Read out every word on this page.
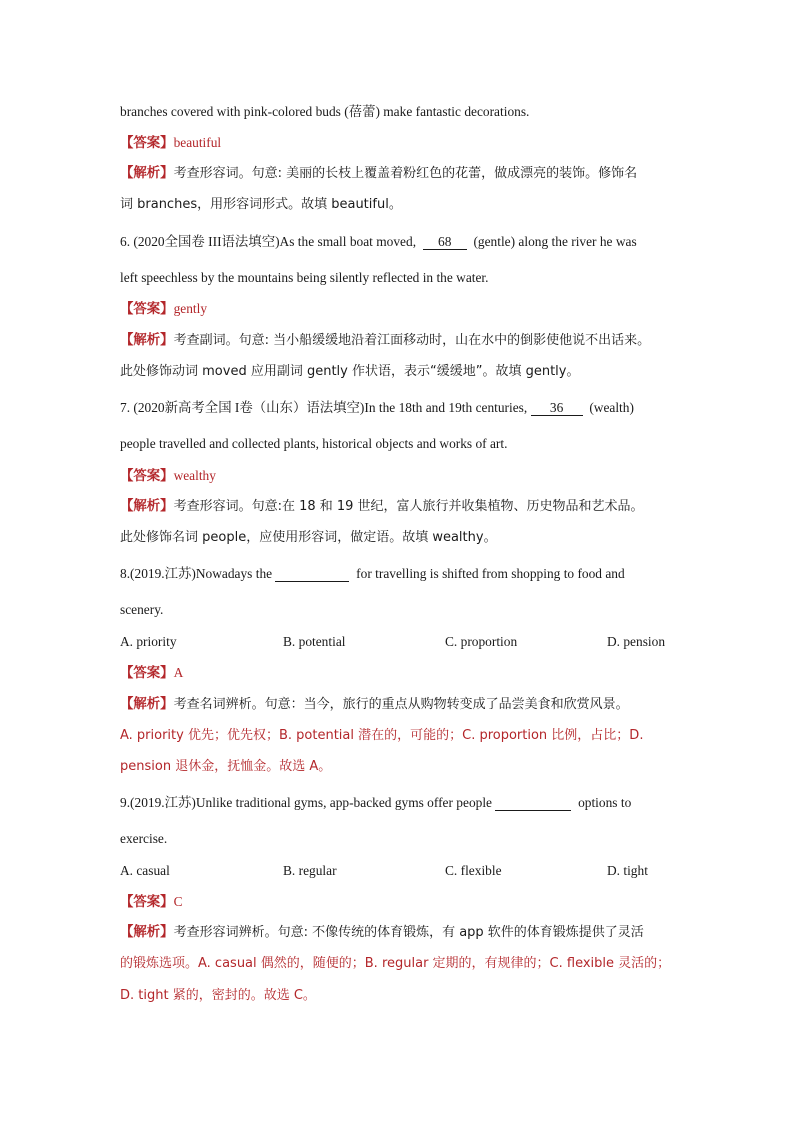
branches covered with pink-colored buds (蓓蕾) make fantastic decorations.
【答案】beautiful
【解析】考查形容词。句意: 美丽的长枝上覆盖着粉红色的花蕾，做成漂亮的装饰。修饰名
词 branches，用形容词形式。故填 beautiful。
6. (2020全国卷 III语法填空)As the small boat moved, 68 (gentle) along the river he was
left speechless by the mountains being silently reflected in the water.
【答案】gently
【解析】考查副词。句意: 当小船缓缓地沿着江面移动时，山在水中的倒影使他说不出话来。
此处修饰动词 moved 应用副词 gently 作状语，表示“缓缓地”。故填 gently。
7. (2020新高考全国 I卷（山东）语法填空)In the 18th and 19th centuries, 36 (wealth)
people travelled and collected plants, historical objects and works of art.
【答案】wealthy
【解析】考查形容词。句意:在 18 和 19 世纪，富人旅行并收集植物、历史物品和艺术品。
此处修饰名词 people，应使用形容词，做定语。故填 wealthy。
8.(2019.江苏)Nowadays the	for travelling is shifted from shopping to food and
scenery.
A. priority	B. potential	C. proportion	D. pension
【答案】A
【解析】考查名词辨析。句意：当今，旅行的重点从购物转变成了品尝美食和欣赏风景。
A. priority 优先；优先权；B. potential 潜在的，可能的；C. proportion 比例，占比；D.
pension 退休金，抚恤金。故选 A。
9.(2019.江苏)Unlike traditional gyms, app-backed gyms offer people	options to
exercise.
A. casual	B. regular	C. flexible	D. tight
【答案】C
【解析】考查形容词辨析。句意: 不像传统的体育锻炼，有 app 软件的体育锻炼提供了灵活
的锻炼选项。A. casual 偶然的，随便的；B. regular 定期的，有规律的；C. flexible 灵活的；
D. tight 紧的，密封的。故选 C。
